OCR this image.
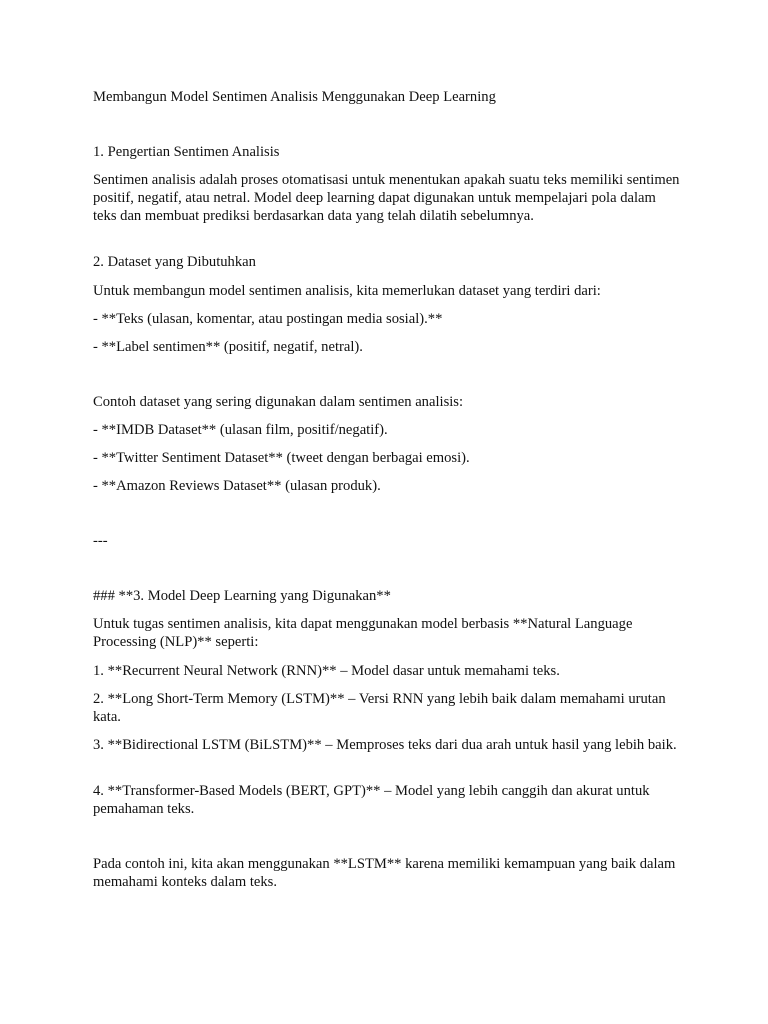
Membangun Model Sentimen Analisis Menggunakan Deep Learning

1. Pengertian Sentimen Analisis

Sentimen analisis adalah proses otomatisasi untuk menentukan apakah suatu teks memiliki sentimen positif, negatif, atau netral. Model deep learning dapat digunakan untuk mempelajari pola dalam teks dan membuat prediksi berdasarkan data yang telah dilatih sebelumnya.

2. Dataset yang Dibutuhkan

Untuk membangun model sentimen analisis, kita memerlukan dataset yang terdiri dari:

- **Teks (ulasan, komentar, atau postingan media sosial).**

- **Label sentimen** (positif, negatif, netral).

Contoh dataset yang sering digunakan dalam sentimen analisis:

- **IMDB Dataset** (ulasan film, positif/negatif).

- **Twitter Sentiment Dataset** (tweet dengan berbagai emosi).

- **Amazon Reviews Dataset** (ulasan produk).

---

### **3. Model Deep Learning yang Digunakan**

Untuk tugas sentimen analisis, kita dapat menggunakan model berbasis **Natural Language Processing (NLP)** seperti:

1. **Recurrent Neural Network (RNN)** – Model dasar untuk memahami teks.

2. **Long Short-Term Memory (LSTM)** – Versi RNN yang lebih baik dalam memahami urutan kata.

3. **Bidirectional LSTM (BiLSTM)** – Memproses teks dari dua arah untuk hasil yang lebih baik.

4. **Transformer-Based Models (BERT, GPT)** – Model yang lebih canggih dan akurat untuk pemahaman teks.

Pada contoh ini, kita akan menggunakan **LSTM** karena memiliki kemampuan yang baik dalam memahami konteks dalam teks.
